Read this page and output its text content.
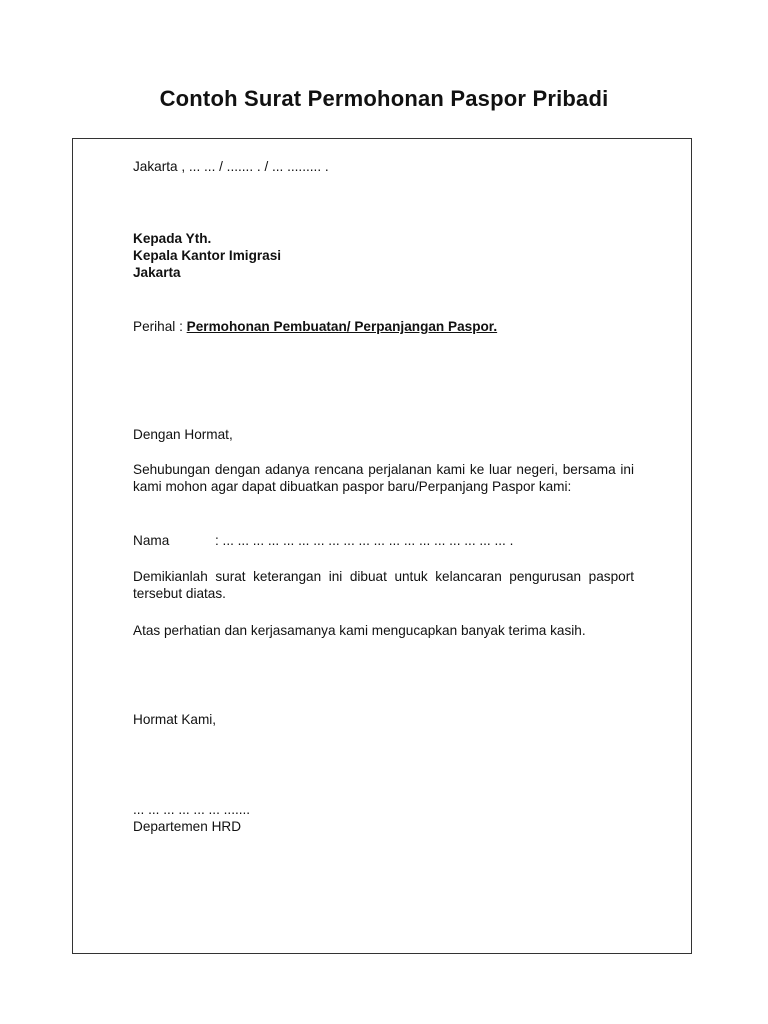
Contoh Surat Permohonan Paspor Pribadi
Jakarta , ... ... / ....... . / ... ......... .
Kepada Yth.
Kepala Kantor Imigrasi
Jakarta
Perihal : Permohonan Pembuatan/ Perpanjangan Paspor.
Dengan Hormat,
Sehubungan dengan adanya rencana perjalanan kami ke luar negeri, bersama ini kami mohon agar dapat dibuatkan paspor baru/Perpanjang Paspor kami:
Nama	: ... ... ... ... ... ... ... ... ... ... ... ... ... ... ... ... ... ... ... .
Demikianlah surat keterangan ini dibuat untuk kelancaran pengurusan pasport tersebut diatas.
Atas perhatian dan kerjasamanya kami mengucapkan banyak terima kasih.
Hormat Kami,
... ... ... ... ... ... .......
Departemen HRD
